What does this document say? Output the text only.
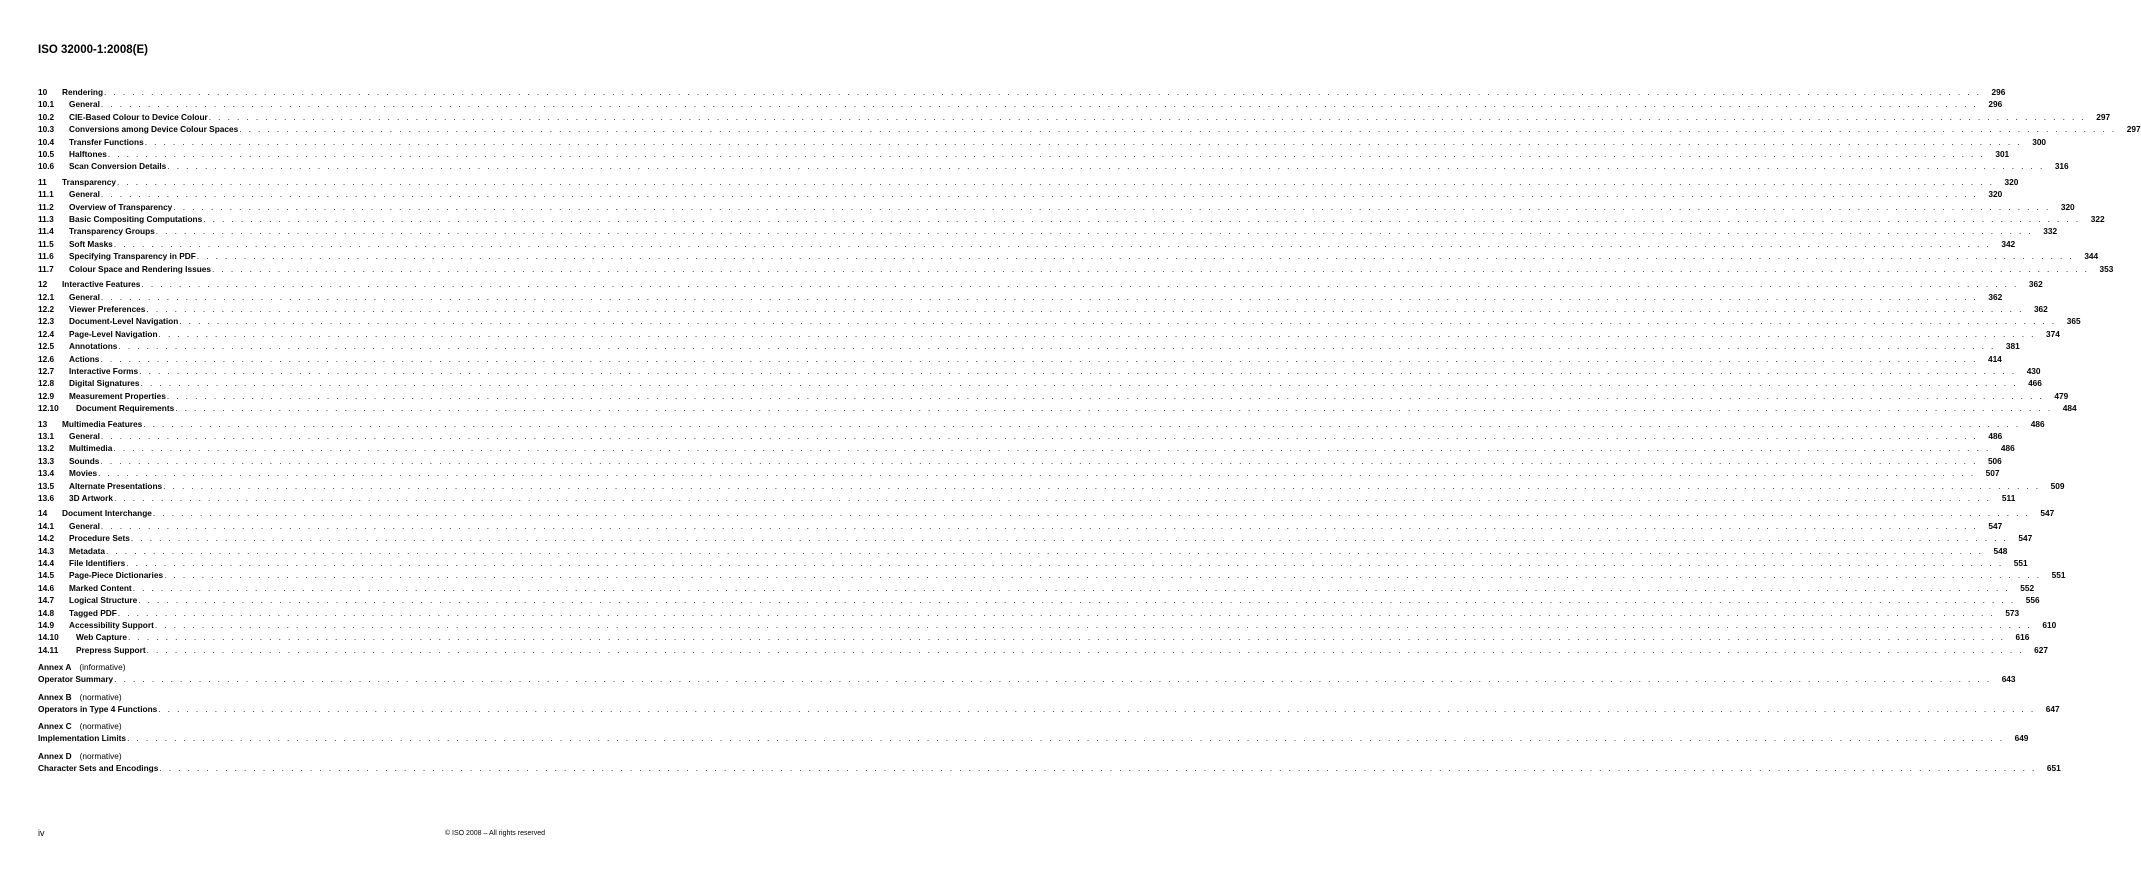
ISO 32000-1:2008(E)
10	Rendering . . . . . . . . . . . . . . . . . . . . . . . . . . . . . . . . . . . . . . . . . . . . . . . . . . . . . . . . . . . . . . . . . . . . . . . . . . . . . . . . . . . . . . . . . . . . . . . . . . . . . . . . . . . . . . . . . . . . . . . . . . . . . . . . . . . . . . . . . . . . . . . . . . . . . . . . . . . . . . . . . . . . . . . . . . . . . . . . . . . . . . . . . . . . . . . . . . . . . . . .	296
10.1	General . . . . . . . . . . . . . . . . . . . . . . . . . . . . . . . . . . . . . . . . . . . . . . . . . . . . . . . . . . . . . . . . . . . . . . . . . . . . . . . . . . . . . . . . . . . . . . . . . . . . . . . . . . . . . . . . . . . . . . . . . . . . . . . . . . . . . . . . . . . . . . . . . . . . . . . . . . . . . . . . . . . . . . . . . . . . . . . . . . . . . . . . . . . . . . . . . . . . . . . .	296
10.2	CIE-Based Colour to Device Colour . . . . . . . . . . . . . . . . . . . . . . . . . . . . . . . . . . . . . . . . . . . . . . . . . . . . . . . . . . . . . . . . . . . . . . . . . . . . . . . . . . . . . . . . . . . . . . . . . . . . . . . . . . . . . . . . . . . . . . . . . . . . . . . . . . . . . . . . . . . . . . . . . . . . . . . . . . . . . . . . . . . . . . . . . . . . . . . . . . . . . . . . . . . . . . . . . . . . . . . .	297
10.3	Conversions among Device Colour Spaces . . . . . . . . . . . . . . . . . . . . . . . . . . . . . . . . . . . . . . . . . . . . . . . . . . . . . . . . . . . . . . . . . . . . . . . . . . . . . . . . . . . . . . . . . . . . . . . . . . . . . . . . . . . . . . . . . . . . . . . . . . . . . . . . . . . . . . . . . . . . . . . . . . . . . . . . . . . . . . . . . . . . . . . . . . . . . . . . . . . . . . . . . . . . . . . . . . . . . . . .	297
10.4	Transfer Functions . . . . . . . . . . . . . . . . . . . . . . . . . . . . . . . . . . . . . . . . . . . . . . . . . . . . . . . . . . . . . . . . . . . . . . . . . . . . . . . . . . . . . . . . . . . . . . . . . . . . . . . . . . . . . . . . . . . . . . . . . . . . . . . . . . . . . . . . . . . . . . . . . . . . . . . . . . . . . . . . . . . . . . . . . . . . . . . . . . . . . . . . . . . . . . . . . . . . . . . .	300
10.5	Halftones . . . . . . . . . . . . . . . . . . . . . . . . . . . . . . . . . . . . . . . . . . . . . . . . . . . . . . . . . . . . . . . . . . . . . . . . . . . . . . . . . . . . . . . . . . . . . . . . . . . . . . . . . . . . . . . . . . . . . . . . . . . . . . . . . . . . . . . . . . . . . . . . . . . . . . . . . . . . . . . . . . . . . . . . . . . . . . . . . . . . . . . . . . . . . . . . . . . . . . . .	301
10.6	Scan Conversion Details . . . . . . . . . . . . . . . . . . . . . . . . . . . . . . . . . . . . . . . . . . . . . . . . . . . . . . . . . . . . . . . . . . . . . . . . . . . . . . . . . . . . . . . . . . . . . . . . . . . . . . . . . . . . . . . . . . . . . . . . . . . . . . . . . . . . . . . . . . . . . . . . . . . . . . . . . . . . . . . . . . . . . . . . . . . . . . . . . . . . . . . . . . . . . . . . . . . . . . . .	316
11	Transparency . . . . . . . . . . . . . . . . . . . . . . . . . . . . . . . . . . . . . . . . . . . . . . . . . . . . . . . . . . . . . . . . . . . . . . . . . . . . . . . . . . . . . . . . . . . . . . . . . . . . . . . . . . . . . . . . . . . . . . . . . . . . . . . . . . . . . . . . . . . . . . . . . . . . . . . . . . . . . . . . . . . . . . . . . . . . . . . . . . . . . . . . . . . . . . . . . . . . . . . .	320
11.1	General . . . . . . . . . . . . . . . . . . . . . . . . . . . . . . . . . . . . . . . . . . . . . . . . . . . . . . . . . . . . . . . . . . . . . . . . . . . . . . . . . . . . . . . . . . . . . . . . . . . . . . . . . . . . . . . . . . . . . . . . . . . . . . . . . . . . . . . . . . . . . . . . . . . . . . . . . . . . . . . . . . . . . . . . . . . . . . . . . . . . . . . . . . . . . . . . . . . . . . . .	320
11.2	Overview of Transparency . . . . . . . . . . . . . . . . . . . . . . . . . . . . . . . . . . . . . . . . . . . . . . . . . . . . . . . . . . . . . . . . . . . . . . . . . . . . . . . . . . . . . . . . . . . . . . . . . . . . . . . . . . . . . . . . . . . . . . . . . . . . . . . . . . . . . . . . . . . . . . . . . . . . . . . . . . . . . . . . . . . . . . . . . . . . . . . . . . . . . . . . . . . . . . . . . . . . . . . .	320
11.3	Basic Compositing Computations . . . . . . . . . . . . . . . . . . . . . . . . . . . . . . . . . . . . . . . . . . . . . . . . . . . . . . . . . . . . . . . . . . . . . . . . . . . . . . . . . . . . . . . . . . . . . . . . . . . . . . . . . . . . . . . . . . . . . . . . . . . . . . . . . . . . . . . . . . . . . . . . . . . . . . . . . . . . . . . . . . . . . . . . . . . . . . . . . . . . . . . . . . . . . . . . . . . . . . . .	322
11.4	Transparency Groups . . . . . . . . . . . . . . . . . . . . . . . . . . . . . . . . . . . . . . . . . . . . . . . . . . . . . . . . . . . . . . . . . . . . . . . . . . . . . . . . . . . . . . . . . . . . . . . . . . . . . . . . . . . . . . . . . . . . . . . . . . . . . . . . . . . . . . . . . . . . . . . . . . . . . . . . . . . . . . . . . . . . . . . . . . . . . . . . . . . . . . . . . . . . . . . . . . . . . . . .	332
11.5	Soft Masks . . . . . . . . . . . . . . . . . . . . . . . . . . . . . . . . . . . . . . . . . . . . . . . . . . . . . . . . . . . . . . . . . . . . . . . . . . . . . . . . . . . . . . . . . . . . . . . . . . . . . . . . . . . . . . . . . . . . . . . . . . . . . . . . . . . . . . . . . . . . . . . . . . . . . . . . . . . . . . . . . . . . . . . . . . . . . . . . . . . . . . . . . . . . . . . . . . . . . . . .	342
11.6	Specifying Transparency in PDF . . . . . . . . . . . . . . . . . . . . . . . . . . . . . . . . . . . . . . . . . . . . . . . . . . . . . . . . . . . . . . . . . . . . . . . . . . . . . . . . . . . . . . . . . . . . . . . . . . . . . . . . . . . . . . . . . . . . . . . . . . . . . . . . . . . . . . . . . . . . . . . . . . . . . . . . . . . . . . . . . . . . . . . . . . . . . . . . . . . . . . . . . . . . . . . . . . . . . . . .	344
11.7	Colour Space and Rendering Issues . . . . . . . . . . . . . . . . . . . . . . . . . . . . . . . . . . . . . . . . . . . . . . . . . . . . . . . . . . . . . . . . . . . . . . . . . . . . . . . . . . . . . . . . . . . . . . . . . . . . . . . . . . . . . . . . . . . . . . . . . . . . . . . . . . . . . . . . . . . . . . . . . . . . . . . . . . . . . . . . . . . . . . . . . . . . . . . . . . . . . . . . . . . . . . . . . . . . . . . .	353
12	Interactive Features . . . . . . . . . . . . . . . . . . . . . . . . . . . . . . . . . . . . . . . . . . . . . . . . . . . . . . . . . . . . . . . . . . . . . . . . . . . . . . . . . . . . . . . . . . . . . . . . . . . . . . . . . . . . . . . . . . . . . . . . . . . . . . . . . . . . . . . . . . . . . . . . . . . . . . . . . . . . . . . . . . . . . . . . . . . . . . . . . . . . . . . . . . . . . . . . . . . . . . . .	362
12.1	General . . . . . . . . . . . . . . . . . . . . . . . . . . . . . . . . . . . . . . . . . . . . . . . . . . . . . . . . . . . . . . . . . . . . . . . . . . . . . . . . . . . . . . . . . . . . . . . . . . . . . . . . . . . . . . . . . . . . . . . . . . . . . . . . . . . . . . . . . . . . . . . . . . . . . . . . . . . . . . . . . . . . . . . . . . . . . . . . . . . . . . . . . . . . . . . . . . . . . . . .	362
12.2	Viewer Preferences . . . . . . . . . . . . . . . . . . . . . . . . . . . . . . . . . . . . . . . . . . . . . . . . . . . . . . . . . . . . . . . . . . . . . . . . . . . . . . . . . . . . . . . . . . . . . . . . . . . . . . . . . . . . . . . . . . . . . . . . . . . . . . . . . . . . . . . . . . . . . . . . . . . . . . . . . . . . . . . . . . . . . . . . . . . . . . . . . . . . . . . . . . . . . . . . . . . . . . . .	362
12.3	Document-Level Navigation . . . . . . . . . . . . . . . . . . . . . . . . . . . . . . . . . . . . . . . . . . . . . . . . . . . . . . . . . . . . . . . . . . . . . . . . . . . . . . . . . . . . . . . . . . . . . . . . . . . . . . . . . . . . . . . . . . . . . . . . . . . . . . . . . . . . . . . . . . . . . . . . . . . . . . . . . . . . . . . . . . . . . . . . . . . . . . . . . . . . . . . . . . . . . . . . . . . . . . . .	365
12.4	Page-Level Navigation . . . . . . . . . . . . . . . . . . . . . . . . . . . . . . . . . . . . . . . . . . . . . . . . . . . . . . . . . . . . . . . . . . . . . . . . . . . . . . . . . . . . . . . . . . . . . . . . . . . . . . . . . . . . . . . . . . . . . . . . . . . . . . . . . . . . . . . . . . . . . . . . . . . . . . . . . . . . . . . . . . . . . . . . . . . . . . . . . . . . . . . . . . . . . . . . . . . . . . . .	374
12.5	Annotations . . . . . . . . . . . . . . . . . . . . . . . . . . . . . . . . . . . . . . . . . . . . . . . . . . . . . . . . . . . . . . . . . . . . . . . . . . . . . . . . . . . . . . . . . . . . . . . . . . . . . . . . . . . . . . . . . . . . . . . . . . . . . . . . . . . . . . . . . . . . . . . . . . . . . . . . . . . . . . . . . . . . . . . . . . . . . . . . . . . . . . . . . . . . . . . . . . . . . . . .	381
12.6	Actions . . . . . . . . . . . . . . . . . . . . . . . . . . . . . . . . . . . . . . . . . . . . . . . . . . . . . . . . . . . . . . . . . . . . . . . . . . . . . . . . . . . . . . . . . . . . . . . . . . . . . . . . . . . . . . . . . . . . . . . . . . . . . . . . . . . . . . . . . . . . . . . . . . . . . . . . . . . . . . . . . . . . . . . . . . . . . . . . . . . . . . . . . . . . . . . . . . . . . . . .	414
12.7	Interactive Forms . . . . . . . . . . . . . . . . . . . . . . . . . . . . . . . . . . . . . . . . . . . . . . . . . . . . . . . . . . . . . . . . . . . . . . . . . . . . . . . . . . . . . . . . . . . . . . . . . . . . . . . . . . . . . . . . . . . . . . . . . . . . . . . . . . . . . . . . . . . . . . . . . . . . . . . . . . . . . . . . . . . . . . . . . . . . . . . . . . . . . . . . . . . . . . . . . . . . . . . .	430
12.8	Digital Signatures . . . . . . . . . . . . . . . . . . . . . . . . . . . . . . . . . . . . . . . . . . . . . . . . . . . . . . . . . . . . . . . . . . . . . . . . . . . . . . . . . . . . . . . . . . . . . . . . . . . . . . . . . . . . . . . . . . . . . . . . . . . . . . . . . . . . . . . . . . . . . . . . . . . . . . . . . . . . . . . . . . . . . . . . . . . . . . . . . . . . . . . . . . . . . . . . . . . . . . . .	466
12.9	Measurement Properties . . . . . . . . . . . . . . . . . . . . . . . . . . . . . . . . . . . . . . . . . . . . . . . . . . . . . . . . . . . . . . . . . . . . . . . . . . . . . . . . . . . . . . . . . . . . . . . . . . . . . . . . . . . . . . . . . . . . . . . . . . . . . . . . . . . . . . . . . . . . . . . . . . . . . . . . . . . . . . . . . . . . . . . . . . . . . . . . . . . . . . . . . . . . . . . . . . . . . . . .	479
12.10	Document Requirements . . . . . . . . . . . . . . . . . . . . . . . . . . . . . . . . . . . . . . . . . . . . . . . . . . . . . . . . . . . . . . . . . . . . . . . . . . . . . . . . . . . . . . . . . . . . . . . . . . . . . . . . . . . . . . . . . . . . . . . . . . . . . . . . . . . . . . . . . . . . . . . . . . . . . . . . . . . . . . . . . . . . . . . . . . . . . . . . . . . . . . . . . . . . . . . . . . . . . . . .	484
13	Multimedia Features . . . . . . . . . . . . . . . . . . . . . . . . . . . . . . . . . . . . . . . . . . . . . . . . . . . . . . . . . . . . . . . . . . . . . . . . . . . . . . . . . . . . . . . . . . . . . . . . . . . . . . . . . . . . . . . . . . . . . . . . . . . . . . . . . . . . . . . . . . . . . . . . . . . . . . . . . . . . . . . . . . . . . . . . . . . . . . . . . . . . . . . . . . . . . . . . . . . . . . . .	486
13.1	General . . . . . . . . . . . . . . . . . . . . . . . . . . . . . . . . . . . . . . . . . . . . . . . . . . . . . . . . . . . . . . . . . . . . . . . . . . . . . . . . . . . . . . . . . . . . . . . . . . . . . . . . . . . . . . . . . . . . . . . . . . . . . . . . . . . . . . . . . . . . . . . . . . . . . . . . . . . . . . . . . . . . . . . . . . . . . . . . . . . . . . . . . . . . . . . . . . . . . . . .	486
13.2	Multimedia . . . . . . . . . . . . . . . . . . . . . . . . . . . . . . . . . . . . . . . . . . . . . . . . . . . . . . . . . . . . . . . . . . . . . . . . . . . . . . . . . . . . . . . . . . . . . . . . . . . . . . . . . . . . . . . . . . . . . . . . . . . . . . . . . . . . . . . . . . . . . . . . . . . . . . . . . . . . . . . . . . . . . . . . . . . . . . . . . . . . . . . . . . . . . . . . . . . . . . . .	486
13.3	Sounds . . . . . . . . . . . . . . . . . . . . . . . . . . . . . . . . . . . . . . . . . . . . . . . . . . . . . . . . . . . . . . . . . . . . . . . . . . . . . . . . . . . . . . . . . . . . . . . . . . . . . . . . . . . . . . . . . . . . . . . . . . . . . . . . . . . . . . . . . . . . . . . . . . . . . . . . . . . . . . . . . . . . . . . . . . . . . . . . . . . . . . . . . . . . . . . . . . . . . . . .	506
13.4	Movies . . . . . . . . . . . . . . . . . . . . . . . . . . . . . . . . . . . . . . . . . . . . . . . . . . . . . . . . . . . . . . . . . . . . . . . . . . . . . . . . . . . . . . . . . . . . . . . . . . . . . . . . . . . . . . . . . . . . . . . . . . . . . . . . . . . . . . . . . . . . . . . . . . . . . . . . . . . . . . . . . . . . . . . . . . . . . . . . . . . . . . . . . . . . . . . . . . . . . . . .	507
13.5	Alternate Presentations . . . . . . . . . . . . . . . . . . . . . . . . . . . . . . . . . . . . . . . . . . . . . . . . . . . . . . . . . . . . . . . . . . . . . . . . . . . . . . . . . . . . . . . . . . . . . . . . . . . . . . . . . . . . . . . . . . . . . . . . . . . . . . . . . . . . . . . . . . . . . . . . . . . . . . . . . . . . . . . . . . . . . . . . . . . . . . . . . . . . . . . . . . . . . . . . . . . . . . . .	509
13.6	3D Artwork . . . . . . . . . . . . . . . . . . . . . . . . . . . . . . . . . . . . . . . . . . . . . . . . . . . . . . . . . . . . . . . . . . . . . . . . . . . . . . . . . . . . . . . . . . . . . . . . . . . . . . . . . . . . . . . . . . . . . . . . . . . . . . . . . . . . . . . . . . . . . . . . . . . . . . . . . . . . . . . . . . . . . . . . . . . . . . . . . . . . . . . . . . . . . . . . . . . . . . . .	511
14	Document Interchange . . . . . . . . . . . . . . . . . . . . . . . . . . . . . . . . . . . . . . . . . . . . . . . . . . . . . . . . . . . . . . . . . . . . . . . . . . . . . . . . . . . . . . . . . . . . . . . . . . . . . . . . . . . . . . . . . . . . . . . . . . . . . . . . . . . . . . . . . . . . . . . . . . . . . . . . . . . . . . . . . . . . . . . . . . . . . . . . . . . . . . . . . . . . . . . . . . . . . . . .	547
14.1	General . . . . . . . . . . . . . . . . . . . . . . . . . . . . . . . . . . . . . . . . . . . . . . . . . . . . . . . . . . . . . . . . . . . . . . . . . . . . . . . . . . . . . . . . . . . . . . . . . . . . . . . . . . . . . . . . . . . . . . . . . . . . . . . . . . . . . . . . . . . . . . . . . . . . . . . . . . . . . . . . . . . . . . . . . . . . . . . . . . . . . . . . . . . . . . . . . . . . . . . .	547
14.2	Procedure Sets . . . . . . . . . . . . . . . . . . . . . . . . . . . . . . . . . . . . . . . . . . . . . . . . . . . . . . . . . . . . . . . . . . . . . . . . . . . . . . . . . . . . . . . . . . . . . . . . . . . . . . . . . . . . . . . . . . . . . . . . . . . . . . . . . . . . . . . . . . . . . . . . . . . . . . . . . . . . . . . . . . . . . . . . . . . . . . . . . . . . . . . . . . . . . . . . . . . . . . . .	547
14.3	Metadata . . . . . . . . . . . . . . . . . . . . . . . . . . . . . . . . . . . . . . . . . . . . . . . . . . . . . . . . . . . . . . . . . . . . . . . . . . . . . . . . . . . . . . . . . . . . . . . . . . . . . . . . . . . . . . . . . . . . . . . . . . . . . . . . . . . . . . . . . . . . . . . . . . . . . . . . . . . . . . . . . . . . . . . . . . . . . . . . . . . . . . . . . . . . . . . . . . . . . . . .	548
14.4	File Identifiers . . . . . . . . . . . . . . . . . . . . . . . . . . . . . . . . . . . . . . . . . . . . . . . . . . . . . . . . . . . . . . . . . . . . . . . . . . . . . . . . . . . . . . . . . . . . . . . . . . . . . . . . . . . . . . . . . . . . . . . . . . . . . . . . . . . . . . . . . . . . . . . . . . . . . . . . . . . . . . . . . . . . . . . . . . . . . . . . . . . . . . . . . . . . . . . . . . . . . . . .	551
14.5	Page-Piece Dictionaries . . . . . . . . . . . . . . . . . . . . . . . . . . . . . . . . . . . . . . . . . . . . . . . . . . . . . . . . . . . . . . . . . . . . . . . . . . . . . . . . . . . . . . . . . . . . . . . . . . . . . . . . . . . . . . . . . . . . . . . . . . . . . . . . . . . . . . . . . . . . . . . . . . . . . . . . . . . . . . . . . . . . . . . . . . . . . . . . . . . . . . . . . . . . . . . . . . . . . . . .	551
14.6	Marked Content . . . . . . . . . . . . . . . . . . . . . . . . . . . . . . . . . . . . . . . . . . . . . . . . . . . . . . . . . . . . . . . . . . . . . . . . . . . . . . . . . . . . . . . . . . . . . . . . . . . . . . . . . . . . . . . . . . . . . . . . . . . . . . . . . . . . . . . . . . . . . . . . . . . . . . . . . . . . . . . . . . . . . . . . . . . . . . . . . . . . . . . . . . . . . . . . . . . . . . . .	552
14.7	Logical Structure . . . . . . . . . . . . . . . . . . . . . . . . . . . . . . . . . . . . . . . . . . . . . . . . . . . . . . . . . . . . . . . . . . . . . . . . . . . . . . . . . . . . . . . . . . . . . . . . . . . . . . . . . . . . . . . . . . . . . . . . . . . . . . . . . . . . . . . . . . . . . . . . . . . . . . . . . . . . . . . . . . . . . . . . . . . . . . . . . . . . . . . . . . . . . . . . . . . . . . . .	556
14.8	Tagged PDF . . . . . . . . . . . . . . . . . . . . . . . . . . . . . . . . . . . . . . . . . . . . . . . . . . . . . . . . . . . . . . . . . . . . . . . . . . . . . . . . . . . . . . . . . . . . . . . . . . . . . . . . . . . . . . . . . . . . . . . . . . . . . . . . . . . . . . . . . . . . . . . . . . . . . . . . . . . . . . . . . . . . . . . . . . . . . . . . . . . . . . . . . . . . . . . . . . . . . . . .	573
14.9	Accessibility Support . . . . . . . . . . . . . . . . . . . . . . . . . . . . . . . . . . . . . . . . . . . . . . . . . . . . . . . . . . . . . . . . . . . . . . . . . . . . . . . . . . . . . . . . . . . . . . . . . . . . . . . . . . . . . . . . . . . . . . . . . . . . . . . . . . . . . . . . . . . . . . . . . . . . . . . . . . . . . . . . . . . . . . . . . . . . . . . . . . . . . . . . . . . . . . . . . . . . . . . .	610
14.10	Web Capture . . . . . . . . . . . . . . . . . . . . . . . . . . . . . . . . . . . . . . . . . . . . . . . . . . . . . . . . . . . . . . . . . . . . . . . . . . . . . . . . . . . . . . . . . . . . . . . . . . . . . . . . . . . . . . . . . . . . . . . . . . . . . . . . . . . . . . . . . . . . . . . . . . . . . . . . . . . . . . . . . . . . . . . . . . . . . . . . . . . . . . . . . . . . . . . . . . . . . . . .	616
14.11	Prepress Support . . . . . . . . . . . . . . . . . . . . . . . . . . . . . . . . . . . . . . . . . . . . . . . . . . . . . . . . . . . . . . . . . . . . . . . . . . . . . . . . . . . . . . . . . . . . . . . . . . . . . . . . . . . . . . . . . . . . . . . . . . . . . . . . . . . . . . . . . . . . . . . . . . . . . . . . . . . . . . . . . . . . . . . . . . . . . . . . . . . . . . . . . . . . . . . . . . . . . . . .	627
Annex A (informative)
Operator Summary . . . . . . . . . . . . . . . . . . . . . . . . . . . . . . . . . . . . . . . . . . . . . . . . . . . . . . . . . . . . . . . . . . . . . . . . . . . . . . . . . . . . . . . . . . . . . . . . . . . . . . . . . . . . . . . . . . . . . . . . . . . . . . . . . . . . . . . . . . . . . . . . . . . . . . . . . . . . . . . . . . . . . . . . . . . . . . . . . . . . . . . . . . . . . . . . . . . . . . . .	643
Annex B (normative)
Operators in Type 4 Functions . . . . . . . . . . . . . . . . . . . . . . . . . . . . . . . . . . . . . . . . . . . . . . . . . . . . . . . . . . . . . . . . . . . . . . . . . . . . . . . . . . . . . . . . . . . . . . . . . . . . . . . . . . . . . . . . . . . . . . . . . . . . . . . . . . . . . . . . . . . . . . . . . . . . . . . . . . . . . . . . . . . . . . . . . . . . . . . . . . . . . . . . . . . . . . . . . . . . . . . .	647
Annex C (normative)
Implementation Limits . . . . . . . . . . . . . . . . . . . . . . . . . . . . . . . . . . . . . . . . . . . . . . . . . . . . . . . . . . . . . . . . . . . . . . . . . . . . . . . . . . . . . . . . . . . . . . . . . . . . . . . . . . . . . . . . . . . . . . . . . . . . . . . . . . . . . . . . . . . . . . . . . . . . . . . . . . . . . . . . . . . . . . . . . . . . . . . . . . . . . . . . . . . . . . . . . . . . . . . .	649
Annex D (normative)
Character Sets and Encodings . . . . . . . . . . . . . . . . . . . . . . . . . . . . . . . . . . . . . . . . . . . . . . . . . . . . . . . . . . . . . . . . . . . . . . . . . . . . . . . . . . . . . . . . . . . . . . . . . . . . . . . . . . . . . . . . . . . . . . . . . . . . . . . . . . . . . . . . . . . . . . . . . . . . . . . . . . . . . . . . . . . . . . . . . . . . . . . . . . . . . . . . . . . . . . . . . . . . . . . .	651
iv	© ISO 2008 – All rights reserved
